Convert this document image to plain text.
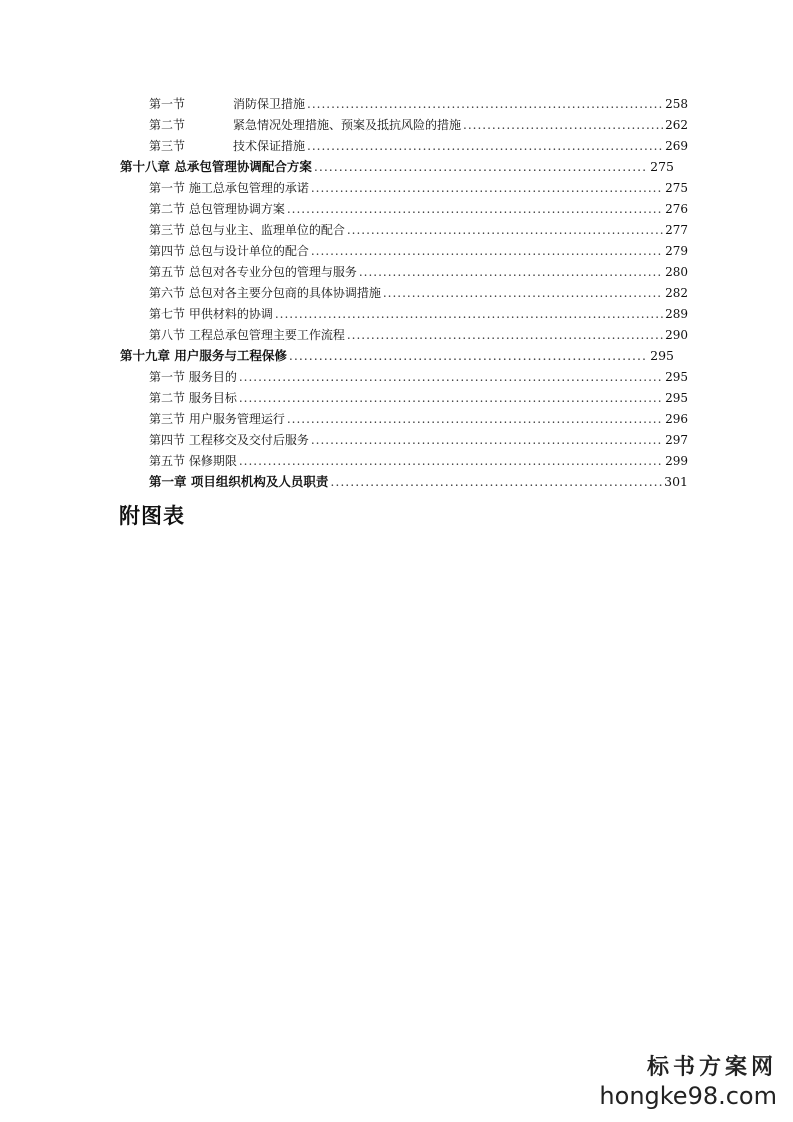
第一节	消防保卫措施 .....	258
第二节	紧急情况处理措施、预案及抵抗风险的措施 .....	262
第三节	技术保证措施 .....	269
第十八章 总承包管理协调配合方案 .....	275
第一节 施工总承包管理的承诺 .....	275
第二节 总包管理协调方案 .....	276
第三节 总包与业主、监理单位的配合 .....	277
第四节 总包与设计单位的配合 .....	279
第五节 总包对各专业分包的管理与服务 .....	280
第六节 总包对各主要分包商的具体协调措施 .....	282
第七节 甲供材料的协调 .....	289
第八节 工程总承包管理主要工作流程 .....	290
第十九章 用户服务与工程保修 .....	295
第一节 服务目的 .....	295
第二节 服务目标 .....	295
第三节 用户服务管理运行 .....	296
第四节 工程移交及交付后服务 .....	297
第五节 保修期限 .....	299
第一章 项目组织机构及人员职责 .....	301
附图表
标书方案网
hongke98.com
